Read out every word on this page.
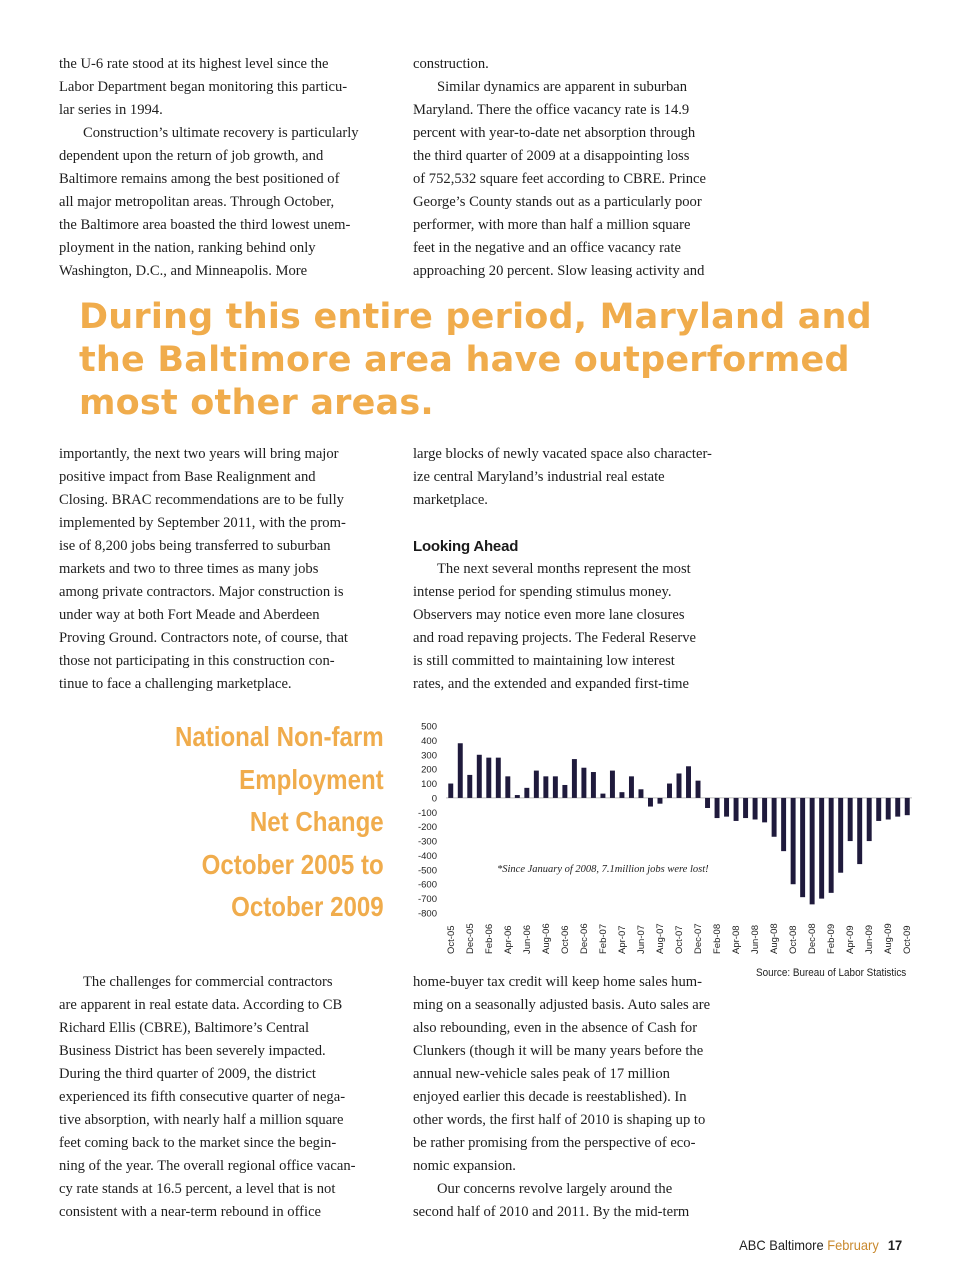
the U-6 rate stood at its highest level since the
Labor Department began monitoring this particu-
lar series in 1994.
Construction’s ultimate recovery is particularly
dependent upon the return of job growth, and
Baltimore remains among the best positioned of
all major metropolitan areas. Through October,
the Baltimore area boasted the third lowest unem-
ployment in the nation, ranking behind only
Washington, D.C., and Minneapolis. More
construction.
Similar dynamics are apparent in suburban
Maryland. There the office vacancy rate is 14.9
percent with year-to-date net absorption through
the third quarter of 2009 at a disappointing loss
of 752,532 square feet according to CBRE. Prince
George’s County stands out as a particularly poor
performer, with more than half a million square
feet in the negative and an office vacancy rate
approaching 20 percent. Slow leasing activity and
During this entire period, Maryland and
the Baltimore area have outperformed
most other areas.
importantly, the next two years will bring major
positive impact from Base Realignment and
Closing. BRAC recommendations are to be fully
implemented by September 2011, with the prom-
ise of 8,200 jobs being transferred to suburban
markets and two to three times as many jobs
among private contractors. Major construction is
under way at both Fort Meade and Aberdeen
Proving Ground. Contractors note, of course, that
those not participating in this construction con-
tinue to face a challenging marketplace.
large blocks of newly vacated space also character-
ize central Maryland’s industrial real estate
marketplace.
Looking Ahead
The next several months represent the most
intense period for spending stimulus money.
Observers may notice even more lane closures
and road repaving projects. The Federal Reserve
is still committed to maintaining low interest
rates, and the extended and expanded first-time
National Non-farm
Employment
Net Change
October 2005 to
October 2009
500
400
300
200
100
0
-100
-200
-300
-400
-500
-600
-700
-800
Oct-05 Dec-05 Feb-06 Apr-06 Jun-06 Aug-06 Oct-06 Dec-06 Feb-07 Apr-07 Jun-07 Aug-07 Oct-07 Dec-07 Feb-08 Apr-08 Jun-08 Aug-08 Oct-08 Dec-08 Feb-09 Apr-09 Jun-09 Aug-09 Oct-09
*Since January of 2008, 7.1million jobs were lost!
Source: Bureau of Labor Statistics
The challenges for commercial contractors
are apparent in real estate data. According to CB
Richard Ellis (CBRE), Baltimore’s Central
Business District has been severely impacted.
During the third quarter of 2009, the district
experienced its fifth consecutive quarter of nega-
tive absorption, with nearly half a million square
feet coming back to the market since the begin-
ning of the year. The overall regional office vacan-
cy rate stands at 16.5 percent, a level that is not
consistent with a near-term rebound in office
home-buyer tax credit will keep home sales hum-
ming on a seasonally adjusted basis. Auto sales are
also rebounding, even in the absence of Cash for
Clunkers (though it will be many years before the
annual new-vehicle sales peak of 17 million
enjoyed earlier this decade is reestablished). In
other words, the first half of 2010 is shaping up to
be rather promising from the perspective of eco-
nomic expansion.
Our concerns revolve largely around the
second half of 2010 and 2011. By the mid-term
ABC Baltimore February 17
